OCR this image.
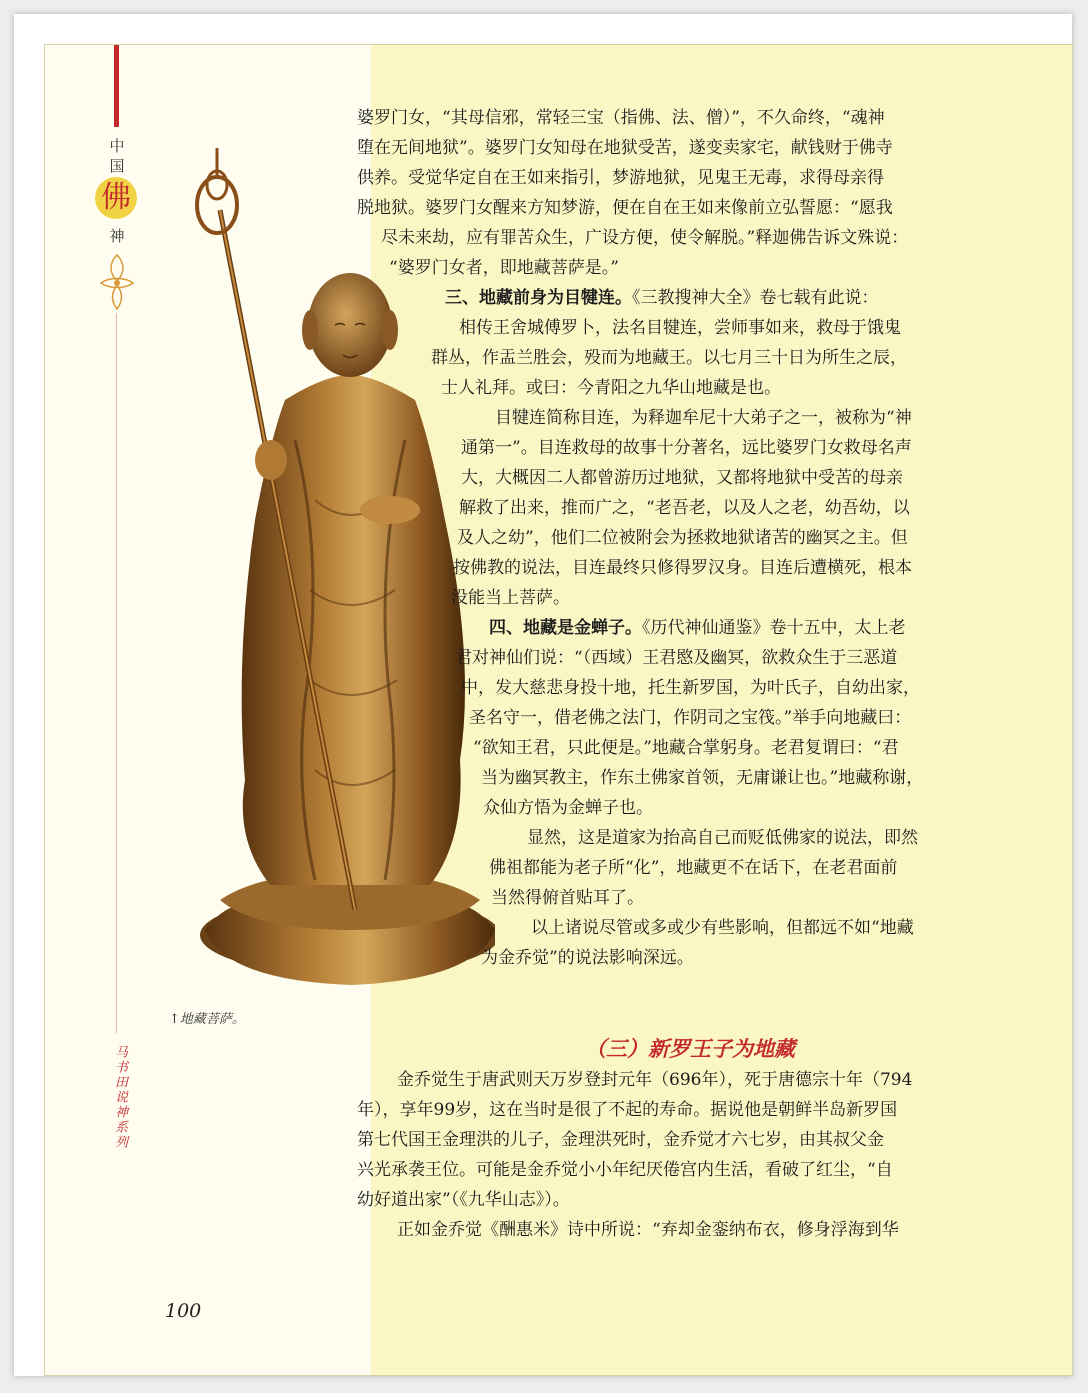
中
国
佛
神
马书田说神系列
↑地藏菩萨。
婆罗门女，“其母信邪，常轻三宝（指佛、法、僧）”，不久命终，“魂神
堕在无间地狱”。婆罗门女知母在地狱受苦，遂变卖家宅，献钱财于佛寺
供养。受觉华定自在王如来指引，梦游地狱，见鬼王无毒，求得母亲得
脱地狱。婆罗门女醒来方知梦游，便在自在王如来像前立弘誓愿：“愿我
尽未来劫，应有罪苦众生，广设方便，使令解脱。”释迦佛告诉文殊说：
“婆罗门女者，即地藏菩萨是。”
三、地藏前身为目犍连。《三教搜神大全》卷七载有此说：
相传王舍城傅罗卜，法名目犍连，尝师事如来，救母于饿鬼
群丛，作盂兰胜会，殁而为地藏王。以七月三十日为所生之辰，
士人礼拜。或曰：今青阳之九华山地藏是也。
目犍连简称目连，为释迦牟尼十大弟子之一，被称为“神
通第一”。目连救母的故事十分著名，远比婆罗门女救母名声
大，大概因二人都曾游历过地狱，又都将地狱中受苦的母亲
解救了出来，推而广之，“老吾老，以及人之老，幼吾幼，以
及人之幼”，他们二位被附会为拯救地狱诸苦的幽冥之主。但
按佛教的说法，目连最终只修得罗汉身。目连后遭横死，根本
没能当上菩萨。
四、地藏是金蝉子。《历代神仙通鉴》卷十五中，太上老
君对神仙们说：“（西域）王君愍及幽冥，欲救众生于三恶道
中，发大慈悲身投十地，托生新罗国，为叶氏子，自幼出家，
圣名守一，借老佛之法门，作阴司之宝筏。”举手向地藏曰：
“欲知王君，只此便是。”地藏合掌躬身。老君复谓曰：“君
当为幽冥教主，作东土佛家首领，无庸谦让也。”地藏称谢，
众仙方悟为金蝉子也。
显然，这是道家为抬高自己而贬低佛家的说法，即然
佛祖都能为老子所“化”，地藏更不在话下，在老君面前
当然得俯首贴耳了。
以上诸说尽管或多或少有些影响，但都远不如“地藏
为金乔觉”的说法影响深远。
金乔觉生于唐武则天万岁登封元年（696年），死于唐德宗十年（794
年），享年99岁，这在当时是很了不起的寿命。据说他是朝鲜半岛新罗国
第七代国王金理洪的儿子，金理洪死时，金乔觉才六七岁，由其叔父金
兴光承袭王位。可能是金乔觉小小年纪厌倦宫内生活，看破了红尘，“自
幼好道出家”（《九华山志》）。
正如金乔觉《酬惠米》诗中所说：“弃却金銮纳布衣，修身浮海到华
（三）新罗王子为地藏
100
